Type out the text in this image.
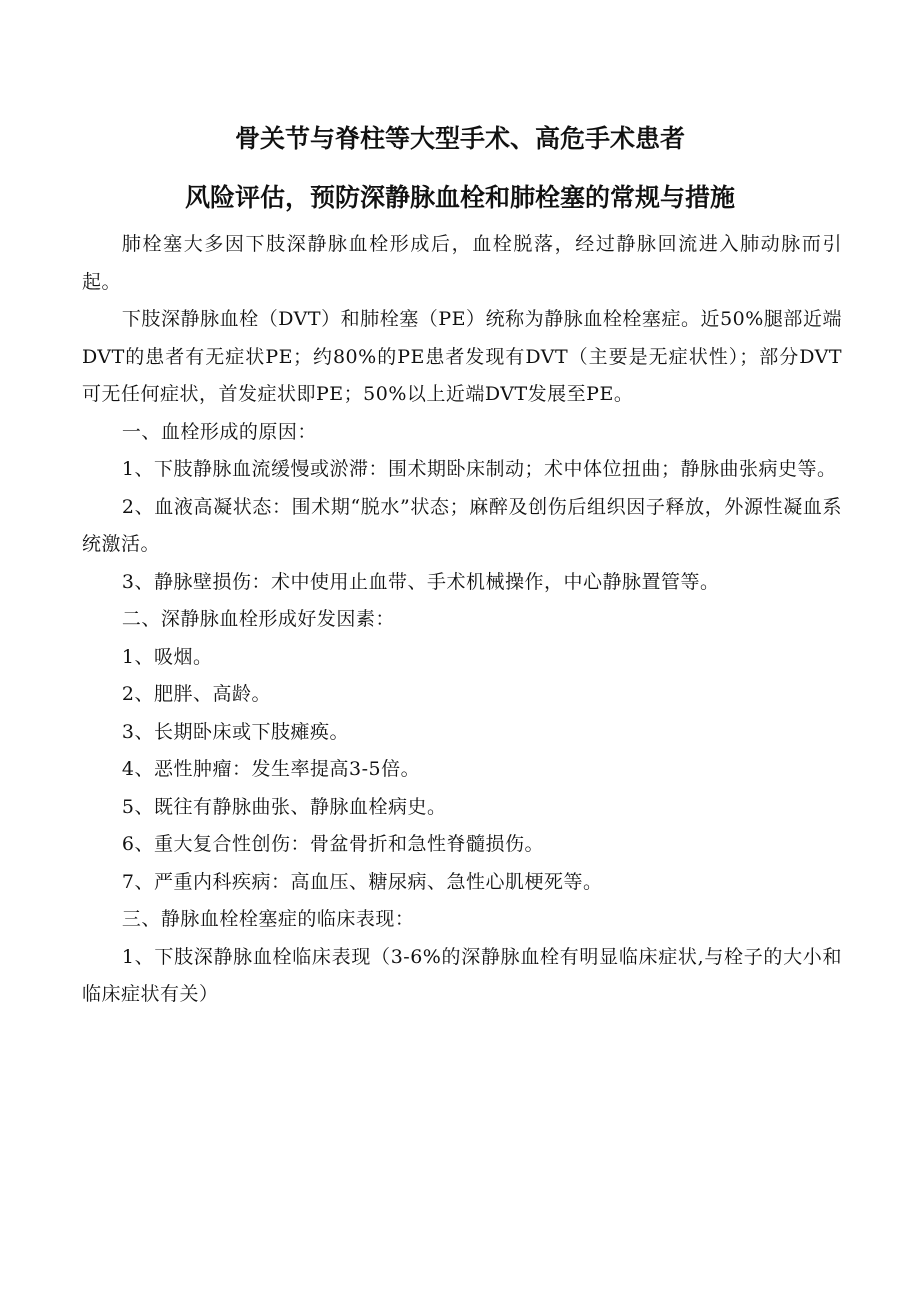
骨关节与脊柱等大型手术、高危手术患者
风险评估，预防深静脉血栓和肺栓塞的常规与措施

肺栓塞大多因下肢深静脉血栓形成后，血栓脱落，经过静脉回流进入肺动脉而引起。

下肢深静脉血栓（DVT）和肺栓塞（PE）统称为静脉血栓栓塞症。近50%腿部近端DVT的患者有无症状PE；约80%的PE患者发现有DVT（主要是无症状性）；部分DVT可无任何症状，首发症状即PE；50%以上近端DVT发展至PE。

一、血栓形成的原因：

1、下肢静脉血流缓慢或淤滞：围术期卧床制动；术中体位扭曲；静脉曲张病史等。

2、血液高凝状态：围术期“脱水”状态；麻醉及创伤后组织因子释放，外源性凝血系统激活。

3、静脉壁损伤：术中使用止血带、手术机械操作，中心静脉置管等。

二、深静脉血栓形成好发因素：

1、吸烟。

2、肥胖、高龄。

3、长期卧床或下肢瘫痪。

4、恶性肿瘤：发生率提高3-5倍。

5、既往有静脉曲张、静脉血栓病史。

6、重大复合性创伤：骨盆骨折和急性脊髓损伤。

7、严重内科疾病：高血压、糖尿病、急性心肌梗死等。

三、静脉血栓栓塞症的临床表现：

1、下肢深静脉血栓临床表现（3-6%的深静脉血栓有明显临床症状,与栓子的大小和临床症状有关）
